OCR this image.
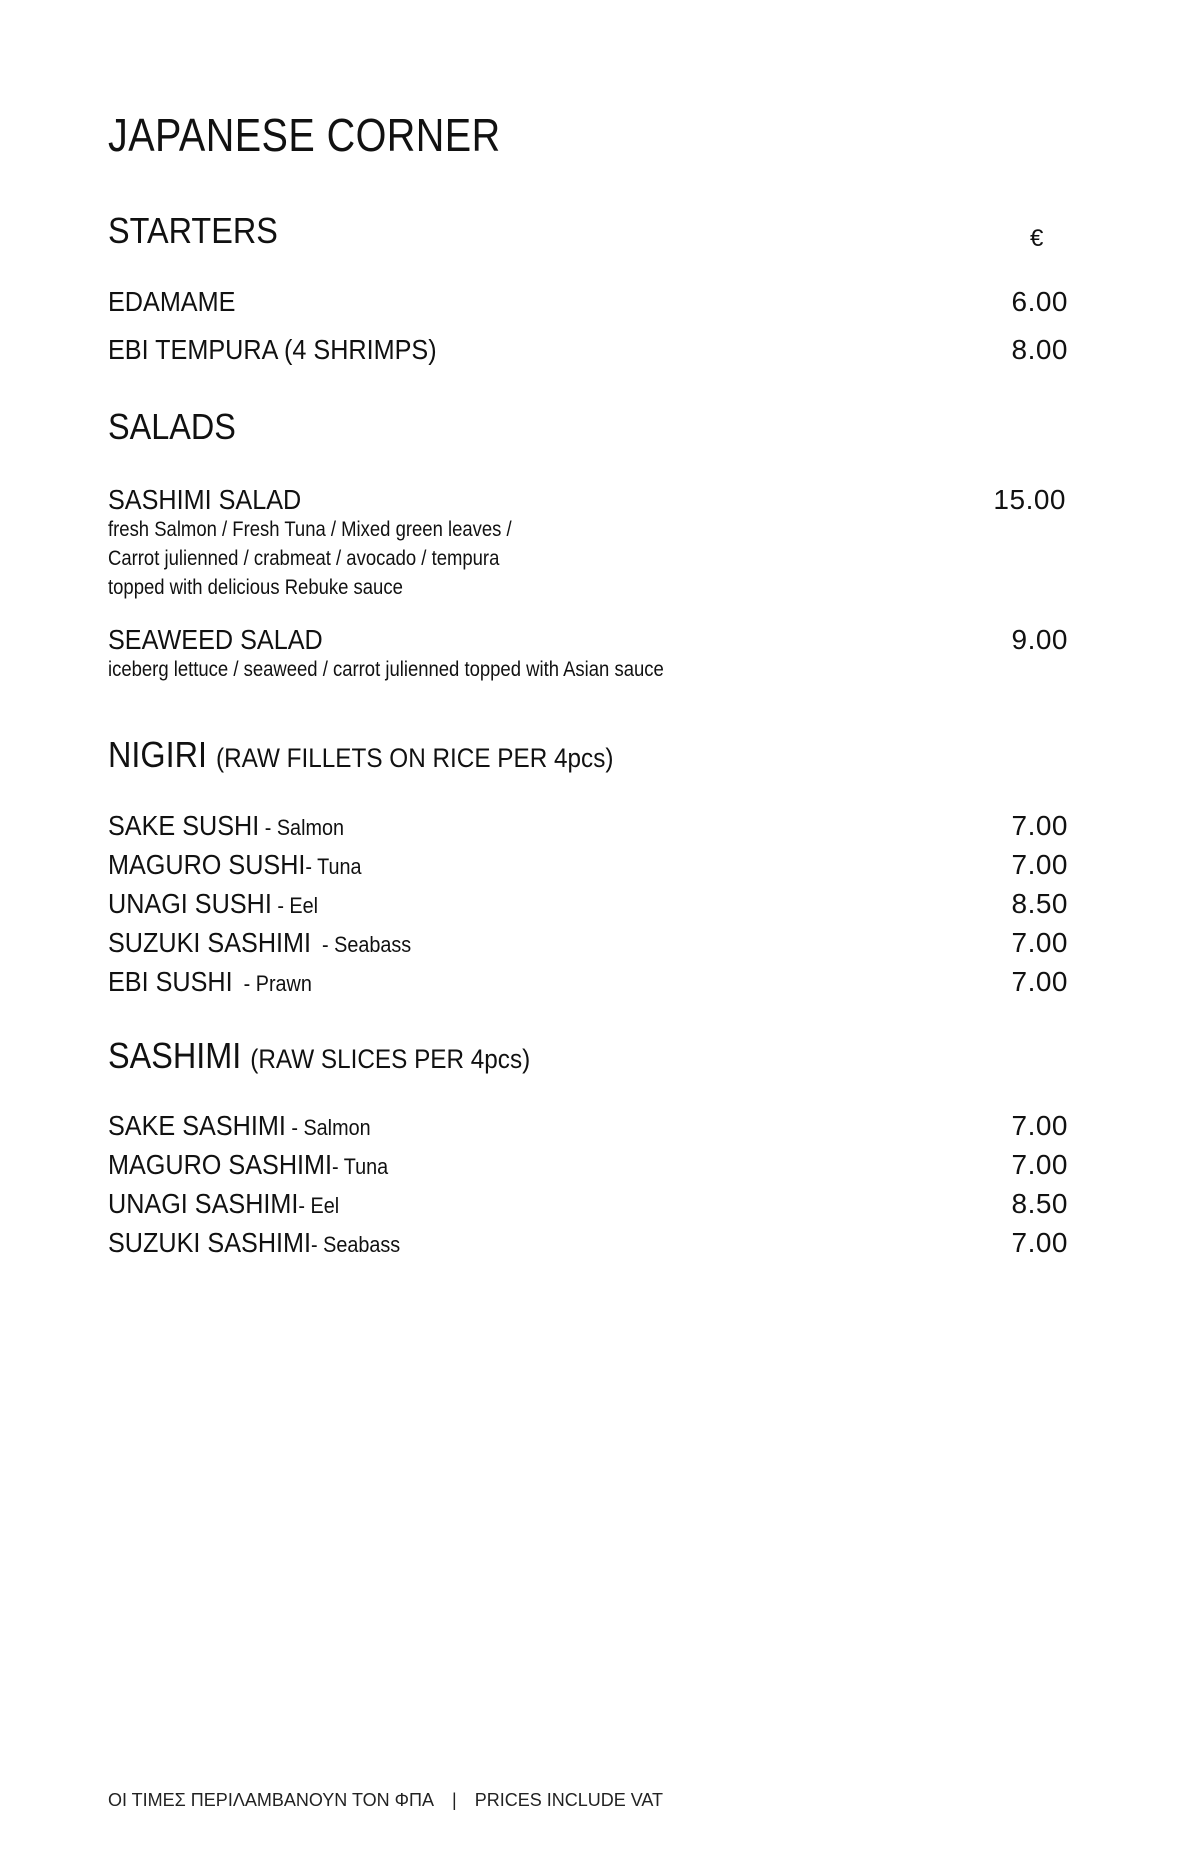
JAPANESE CORNER
STARTERS	€
EDAMAME	6.00
EBI TEMPURA (4 SHRIMPS)	8.00
SALADS
SASHIMI SALAD	15.00
fresh Salmon / Fresh Tuna / Mixed green leaves /
Carrot julienned / crabmeat / avocado / tempura
topped with delicious Rebuke sauce
SEAWEED SALAD	9.00
iceberg lettuce / seaweed / carrot julienned topped with Asian sauce
NIGIRI (RAW FILLETS ON RICE PER 4pcs)
SAKE SUSHI - Salmon	7.00
MAGURO SUSHI- Tuna	7.00
UNAGI SUSHI - Eel	8.50
SUZUKI SASHIMI  - Seabass	7.00
EBI SUSHI  - Prawn	7.00
SASHIMI (RAW SLICES PER 4pcs)
SAKE SASHIMI - Salmon	7.00
MAGURO SASHIMI- Tuna	7.00
UNAGI SASHIMI- Eel	8.50
SUZUKI SASHIMI- Seabass	7.00
ΟΙ ΤΙΜΕΣ ΠΕΡΙΛΑΜΒΑΝΟΥΝ ΤΟΝ ΦΠΑ | PRICES INCLUDE VAT
